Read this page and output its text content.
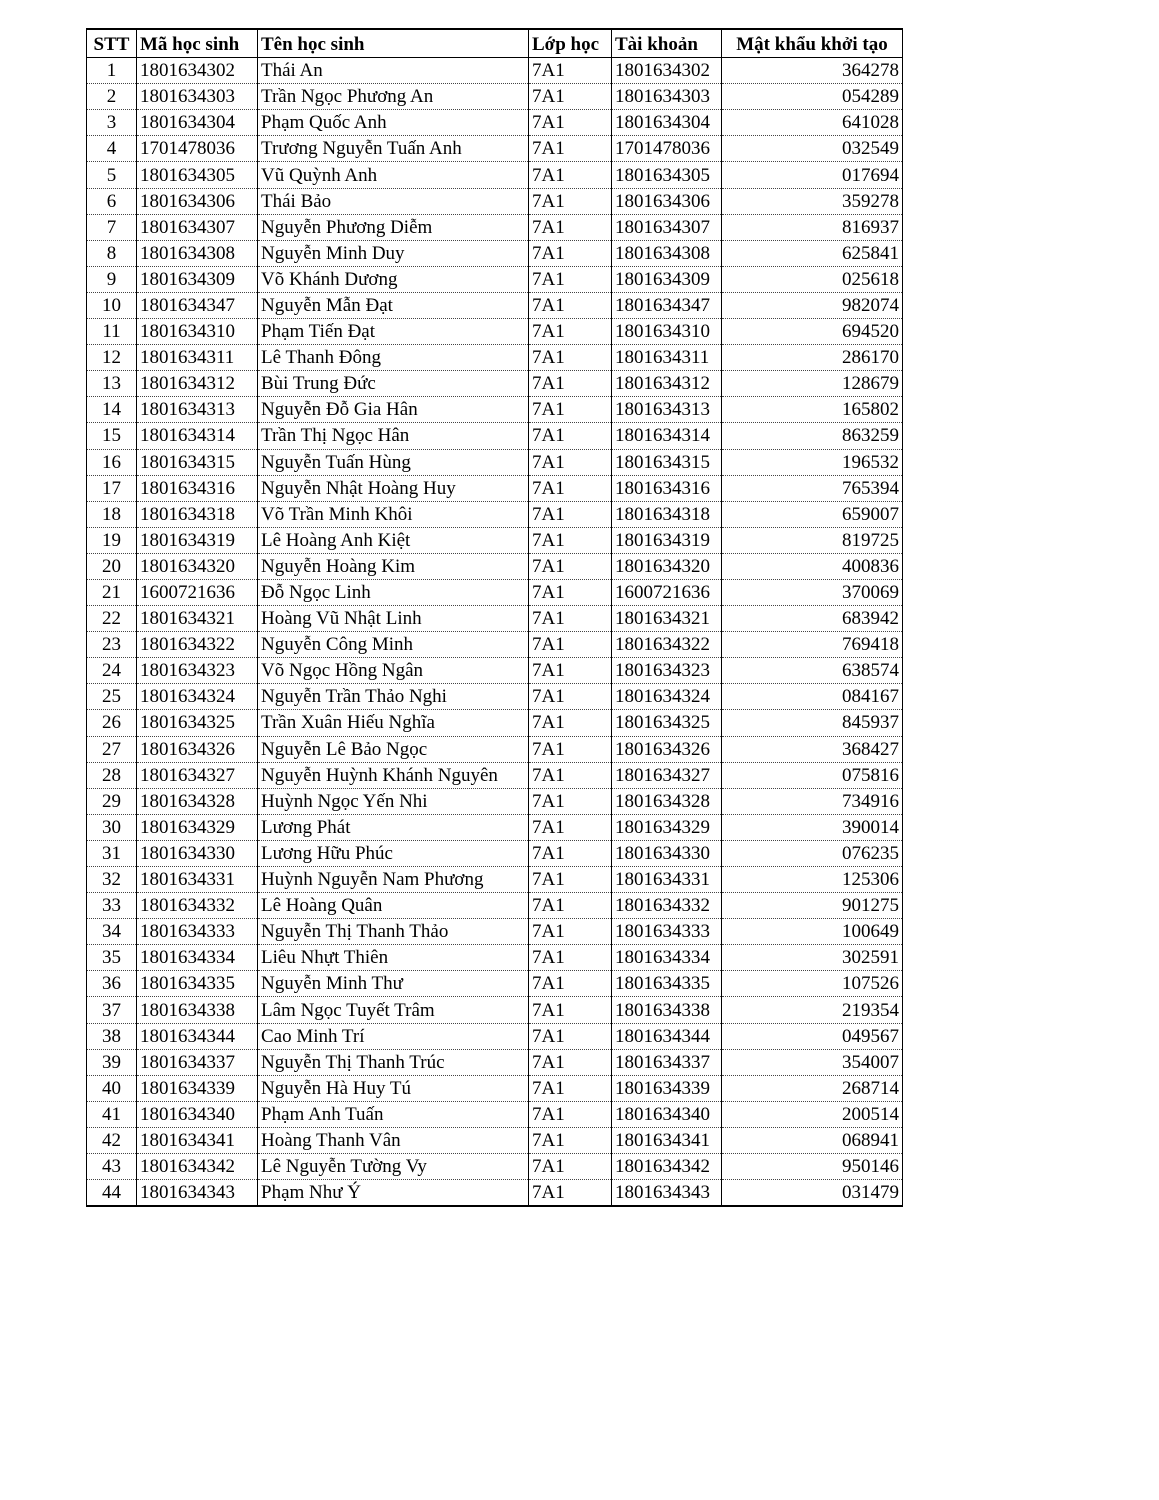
STT	Mã học sinh	Tên học sinh	Lớp học	Tài khoản	Mật khẩu khởi tạo
1	1801634302	Thái An	7A1	1801634302	364278
2	1801634303	Trần Ngọc Phương An	7A1	1801634303	054289
3	1801634304	Phạm Quốc Anh	7A1	1801634304	641028
4	1701478036	Trương Nguyễn Tuấn Anh	7A1	1701478036	032549
5	1801634305	Vũ Quỳnh Anh	7A1	1801634305	017694
6	1801634306	Thái Bảo	7A1	1801634306	359278
7	1801634307	Nguyễn Phương Diễm	7A1	1801634307	816937
8	1801634308	Nguyễn Minh Duy	7A1	1801634308	625841
9	1801634309	Võ Khánh Dương	7A1	1801634309	025618
10	1801634347	Nguyễn Mẫn Đạt	7A1	1801634347	982074
11	1801634310	Phạm Tiến Đạt	7A1	1801634310	694520
12	1801634311	Lê Thanh Đông	7A1	1801634311	286170
13	1801634312	Bùi Trung Đức	7A1	1801634312	128679
14	1801634313	Nguyễn Đỗ Gia Hân	7A1	1801634313	165802
15	1801634314	Trần Thị Ngọc Hân	7A1	1801634314	863259
16	1801634315	Nguyễn Tuấn Hùng	7A1	1801634315	196532
17	1801634316	Nguyễn Nhật Hoàng Huy	7A1	1801634316	765394
18	1801634318	Võ Trần Minh Khôi	7A1	1801634318	659007
19	1801634319	Lê Hoàng Anh Kiệt	7A1	1801634319	819725
20	1801634320	Nguyễn Hoàng Kim	7A1	1801634320	400836
21	1600721636	Đỗ Ngọc Linh	7A1	1600721636	370069
22	1801634321	Hoàng Vũ Nhật Linh	7A1	1801634321	683942
23	1801634322	Nguyễn Công Minh	7A1	1801634322	769418
24	1801634323	Võ Ngọc Hồng Ngân	7A1	1801634323	638574
25	1801634324	Nguyễn Trần Thảo Nghi	7A1	1801634324	084167
26	1801634325	Trần Xuân Hiếu Nghĩa	7A1	1801634325	845937
27	1801634326	Nguyễn Lê Bảo Ngọc	7A1	1801634326	368427
28	1801634327	Nguyễn Huỳnh Khánh Nguyên	7A1	1801634327	075816
29	1801634328	Huỳnh Ngọc Yến Nhi	7A1	1801634328	734916
30	1801634329	Lương Phát	7A1	1801634329	390014
31	1801634330	Lương Hữu Phúc	7A1	1801634330	076235
32	1801634331	Huỳnh Nguyễn Nam Phương	7A1	1801634331	125306
33	1801634332	Lê Hoàng Quân	7A1	1801634332	901275
34	1801634333	Nguyễn Thị Thanh Thảo	7A1	1801634333	100649
35	1801634334	Liêu Nhựt Thiên	7A1	1801634334	302591
36	1801634335	Nguyễn Minh Thư	7A1	1801634335	107526
37	1801634338	Lâm Ngọc Tuyết Trâm	7A1	1801634338	219354
38	1801634344	Cao Minh Trí	7A1	1801634344	049567
39	1801634337	Nguyễn Thị Thanh Trúc	7A1	1801634337	354007
40	1801634339	Nguyễn Hà Huy Tú	7A1	1801634339	268714
41	1801634340	Phạm Anh Tuấn	7A1	1801634340	200514
42	1801634341	Hoàng Thanh Vân	7A1	1801634341	068941
43	1801634342	Lê Nguyễn Tường Vy	7A1	1801634342	950146
44	1801634343	Phạm Như Ý	7A1	1801634343	031479
